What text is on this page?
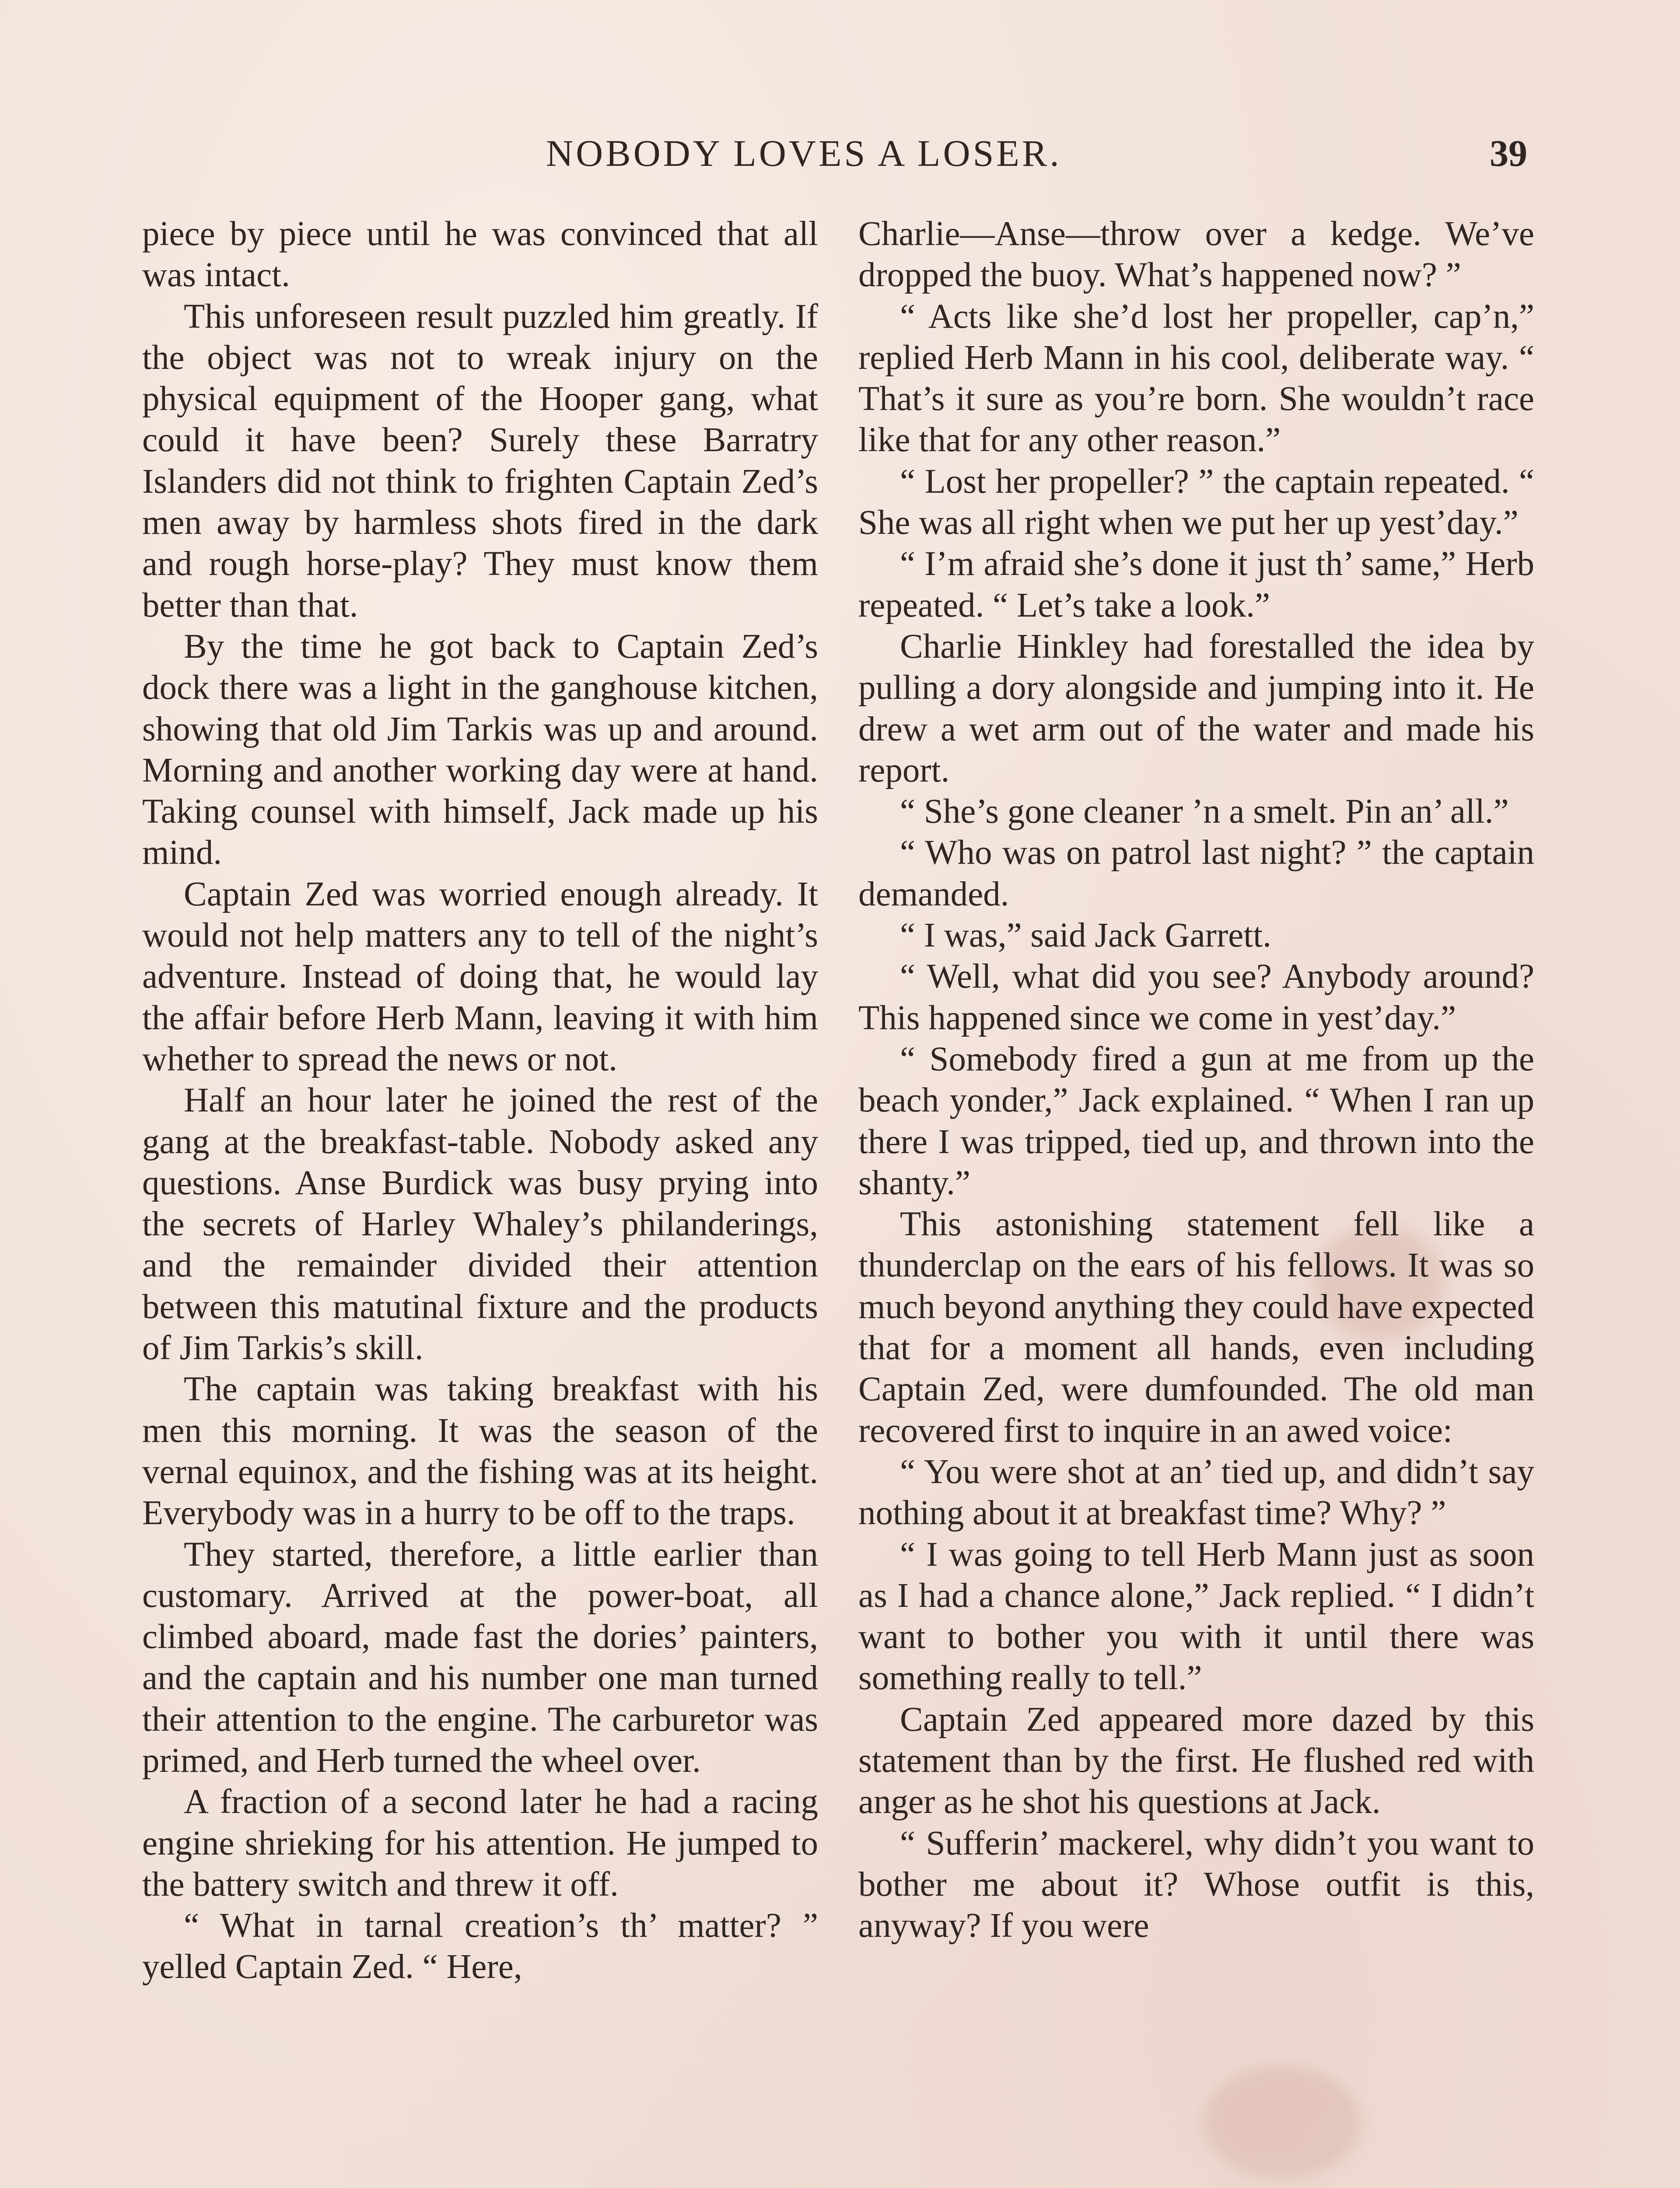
NOBODY LOVES A LOSER.	39

piece by piece until he was convinced that all was intact.

This unforeseen result puzzled him greatly. If the object was not to wreak injury on the physical equipment of the Hooper gang, what could it have been? Surely these Barratry Islanders did not think to frighten Captain Zed’s men away by harmless shots fired in the dark and rough horse-play? They must know them better than that.

By the time he got back to Captain Zed’s dock there was a light in the ganghouse kitchen, showing that old Jim Tarkis was up and around. Morning and another working day were at hand. Taking counsel with himself, Jack made up his mind.

Captain Zed was worried enough already. It would not help matters any to tell of the night’s adventure. Instead of doing that, he would lay the affair before Herb Mann, leaving it with him whether to spread the news or not.

Half an hour later he joined the rest of the gang at the breakfast-table. Nobody asked any questions. Anse Burdick was busy prying into the secrets of Harley Whaley’s philanderings, and the remainder divided their attention between this matutinal fixture and the products of Jim Tarkis’s skill.

The captain was taking breakfast with his men this morning. It was the season of the vernal equinox, and the fishing was at its height. Everybody was in a hurry to be off to the traps.

They started, therefore, a little earlier than customary. Arrived at the power-boat, all climbed aboard, made fast the dories’ painters, and the captain and his number one man turned their attention to the engine. The carburetor was primed, and Herb turned the wheel over.

A fraction of a second later he had a racing engine shrieking for his attention. He jumped to the battery switch and threw it off.

“ What in tarnal creation’s th’ matter? ” yelled Captain Zed. “ Here,

Charlie—Anse—throw over a kedge. We’ve dropped the buoy. What’s happened now? ”

“ Acts like she’d lost her propeller, cap’n,” replied Herb Mann in his cool, deliberate way. “ That’s it sure as you’re born. She wouldn’t race like that for any other reason.”

“ Lost her propeller? ” the captain repeated. “ She was all right when we put her up yest’day.”

“ I’m afraid she’s done it just th’ same,” Herb repeated. “ Let’s take a look.”

Charlie Hinkley had forestalled the idea by pulling a dory alongside and jumping into it. He drew a wet arm out of the water and made his report.

“ She’s gone cleaner ’n a smelt. Pin an’ all.”

“ Who was on patrol last night? ” the captain demanded.

“ I was,” said Jack Garrett.

“ Well, what did you see? Anybody around? This happened since we come in yest’day.”

“ Somebody fired a gun at me from up the beach yonder,” Jack explained. “ When I ran up there I was tripped, tied up, and thrown into the shanty.”

This astonishing statement fell like a thunderclap on the ears of his fellows. It was so much beyond anything they could have expected that for a moment all hands, even including Captain Zed, were dumfounded. The old man recovered first to inquire in an awed voice:

“ You were shot at an’ tied up, and didn’t say nothing about it at breakfast time? Why? ”

“ I was going to tell Herb Mann just as soon as I had a chance alone,” Jack replied. “ I didn’t want to bother you with it until there was something really to tell.”

Captain Zed appeared more dazed by this statement than by the first. He flushed red with anger as he shot his questions at Jack.

“ Sufferin’ mackerel, why didn’t you want to bother me about it? Whose outfit is this, anyway? If you were
